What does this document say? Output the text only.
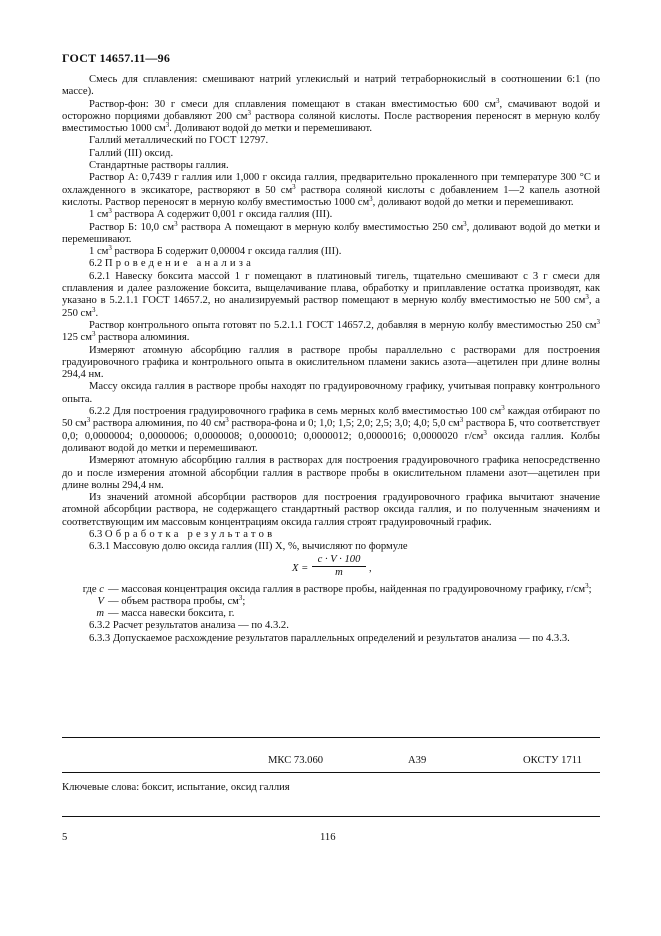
ГОСТ 14657.11—96

Смесь для сплавления: смешивают натрий углекислый и натрий тетраборнокислый в соотношении 6:1 (по массе).

Раствор-фон: 30 г смеси для сплавления помещают в стакан вместимостью 600 $см^3$, смачивают водой и осторожно порциями добавляют 200 $см^3$ раствора соляной кислоты. После растворения переносят в мерную колбу вместимостью 1000 $см^3$. Доливают водой до метки и перемешивают.

Галлий металлический по ГОСТ 12797.

Галлий (III) оксид.

Стандартные растворы галлия.

Раствор А: 0,7439 г галлия или 1,000 г оксида галлия, предварительно прокаленного при температуре 300 °С и охлажденного в эксикаторе, растворяют в 50 $см^3$ раствора соляной кислоты с добавлением 1—2 капель азотной кислоты. Раствор переносят в мерную колбу вместимостью 1000 $см^3$, доливают водой до метки и перемешивают.

1 $см^3$ раствора А содержит 0,001 г оксида галлия (III).

Раствор Б: 10,0 $см^3$ раствора А помещают в мерную колбу вместимостью 250 $см^3$, доливают водой до метки и перемешивают.

1 $см^3$ раствора Б содержит 0,00004 г оксида галлия (III).

6.2 Проведение анализа

6.2.1 Навеску боксита массой 1 г помещают в платиновый тигель, тщательно смешивают с 3 г смеси для сплавления и далее разложение боксита, выщелачивание плава, обработку и приплавление остатка производят, как указано в 5.2.1.1 ГОСТ 14657.2, но анализируемый раствор помещают в мерную колбу вместимостью не 500 $см^3$, а 250 $см^3$.

Раствор контрольного опыта готовят по 5.2.1.1 ГОСТ 14657.2, добавляя в мерную колбу вместимостью 250 $см^3$ 125 $см^3$ раствора алюминия.

Измеряют атомную абсорбцию галлия в растворе пробы параллельно с растворами для построения градуировочного графика и контрольного опыта в окислительном пламени закись азота—ацетилен при длине волны 294,4 нм.

Массу оксида галлия в растворе пробы находят по градуировочному графику, учитывая поправку контрольного опыта.

6.2.2 Для построения градуировочного графика в семь мерных колб вместимостью 100 $см^3$ каждая отбирают по 50 $см^3$ раствора алюминия, по 40 $см^3$ раствора-фона и 0; 1,0; 1,5; 2,0; 2,5; 3,0; 4,0; 5,0 $см^3$ раствора Б, что соответствует 0,0; 0,0000004; 0,0000006; 0,0000008; 0,0000010; 0,0000012; 0,0000016; 0,0000020 $г/см^3$ оксида галлия. Колбы доливают водой до метки и перемешивают.

Измеряют атомную абсорбцию галлия в растворах для построения градуировочного графика непосредственно до и после измерения атомной абсорбции галлия в растворе пробы в окислительном пламени азот—ацетилен при длине волны 294,4 нм.

Из значений атомной абсорбции растворов для построения градуировочного графика вычитают значение атомной абсорбции раствора, не содержащего стандартный раствор оксида галлия, и по полученным значениям и соответствующим им массовым концентрациям оксида галлия строят градуировочный график.

6.3 Обработка результатов

6.3.1 Массовую долю оксида галлия (III) X, %, вычисляют по формуле

$X = \frac{c \cdot V \cdot 100}{m}$ ,
где c — массовая концентрация оксида галлия в растворе пробы, найденная по градуировочному графику, $г/см^3$;
V — объем раствора пробы, $см^3$;
m — масса навески боксита, г.

6.3.2 Расчет результатов анализа — по 4.3.2.

6.3.3 Допускаемое расхождение результатов параллельных определений и результатов анализа — по 4.3.3.

МКС 73.060	А39	ОКСТУ 1711
Ключевые слова: боксит, испытание, оксид галлия
5	116
